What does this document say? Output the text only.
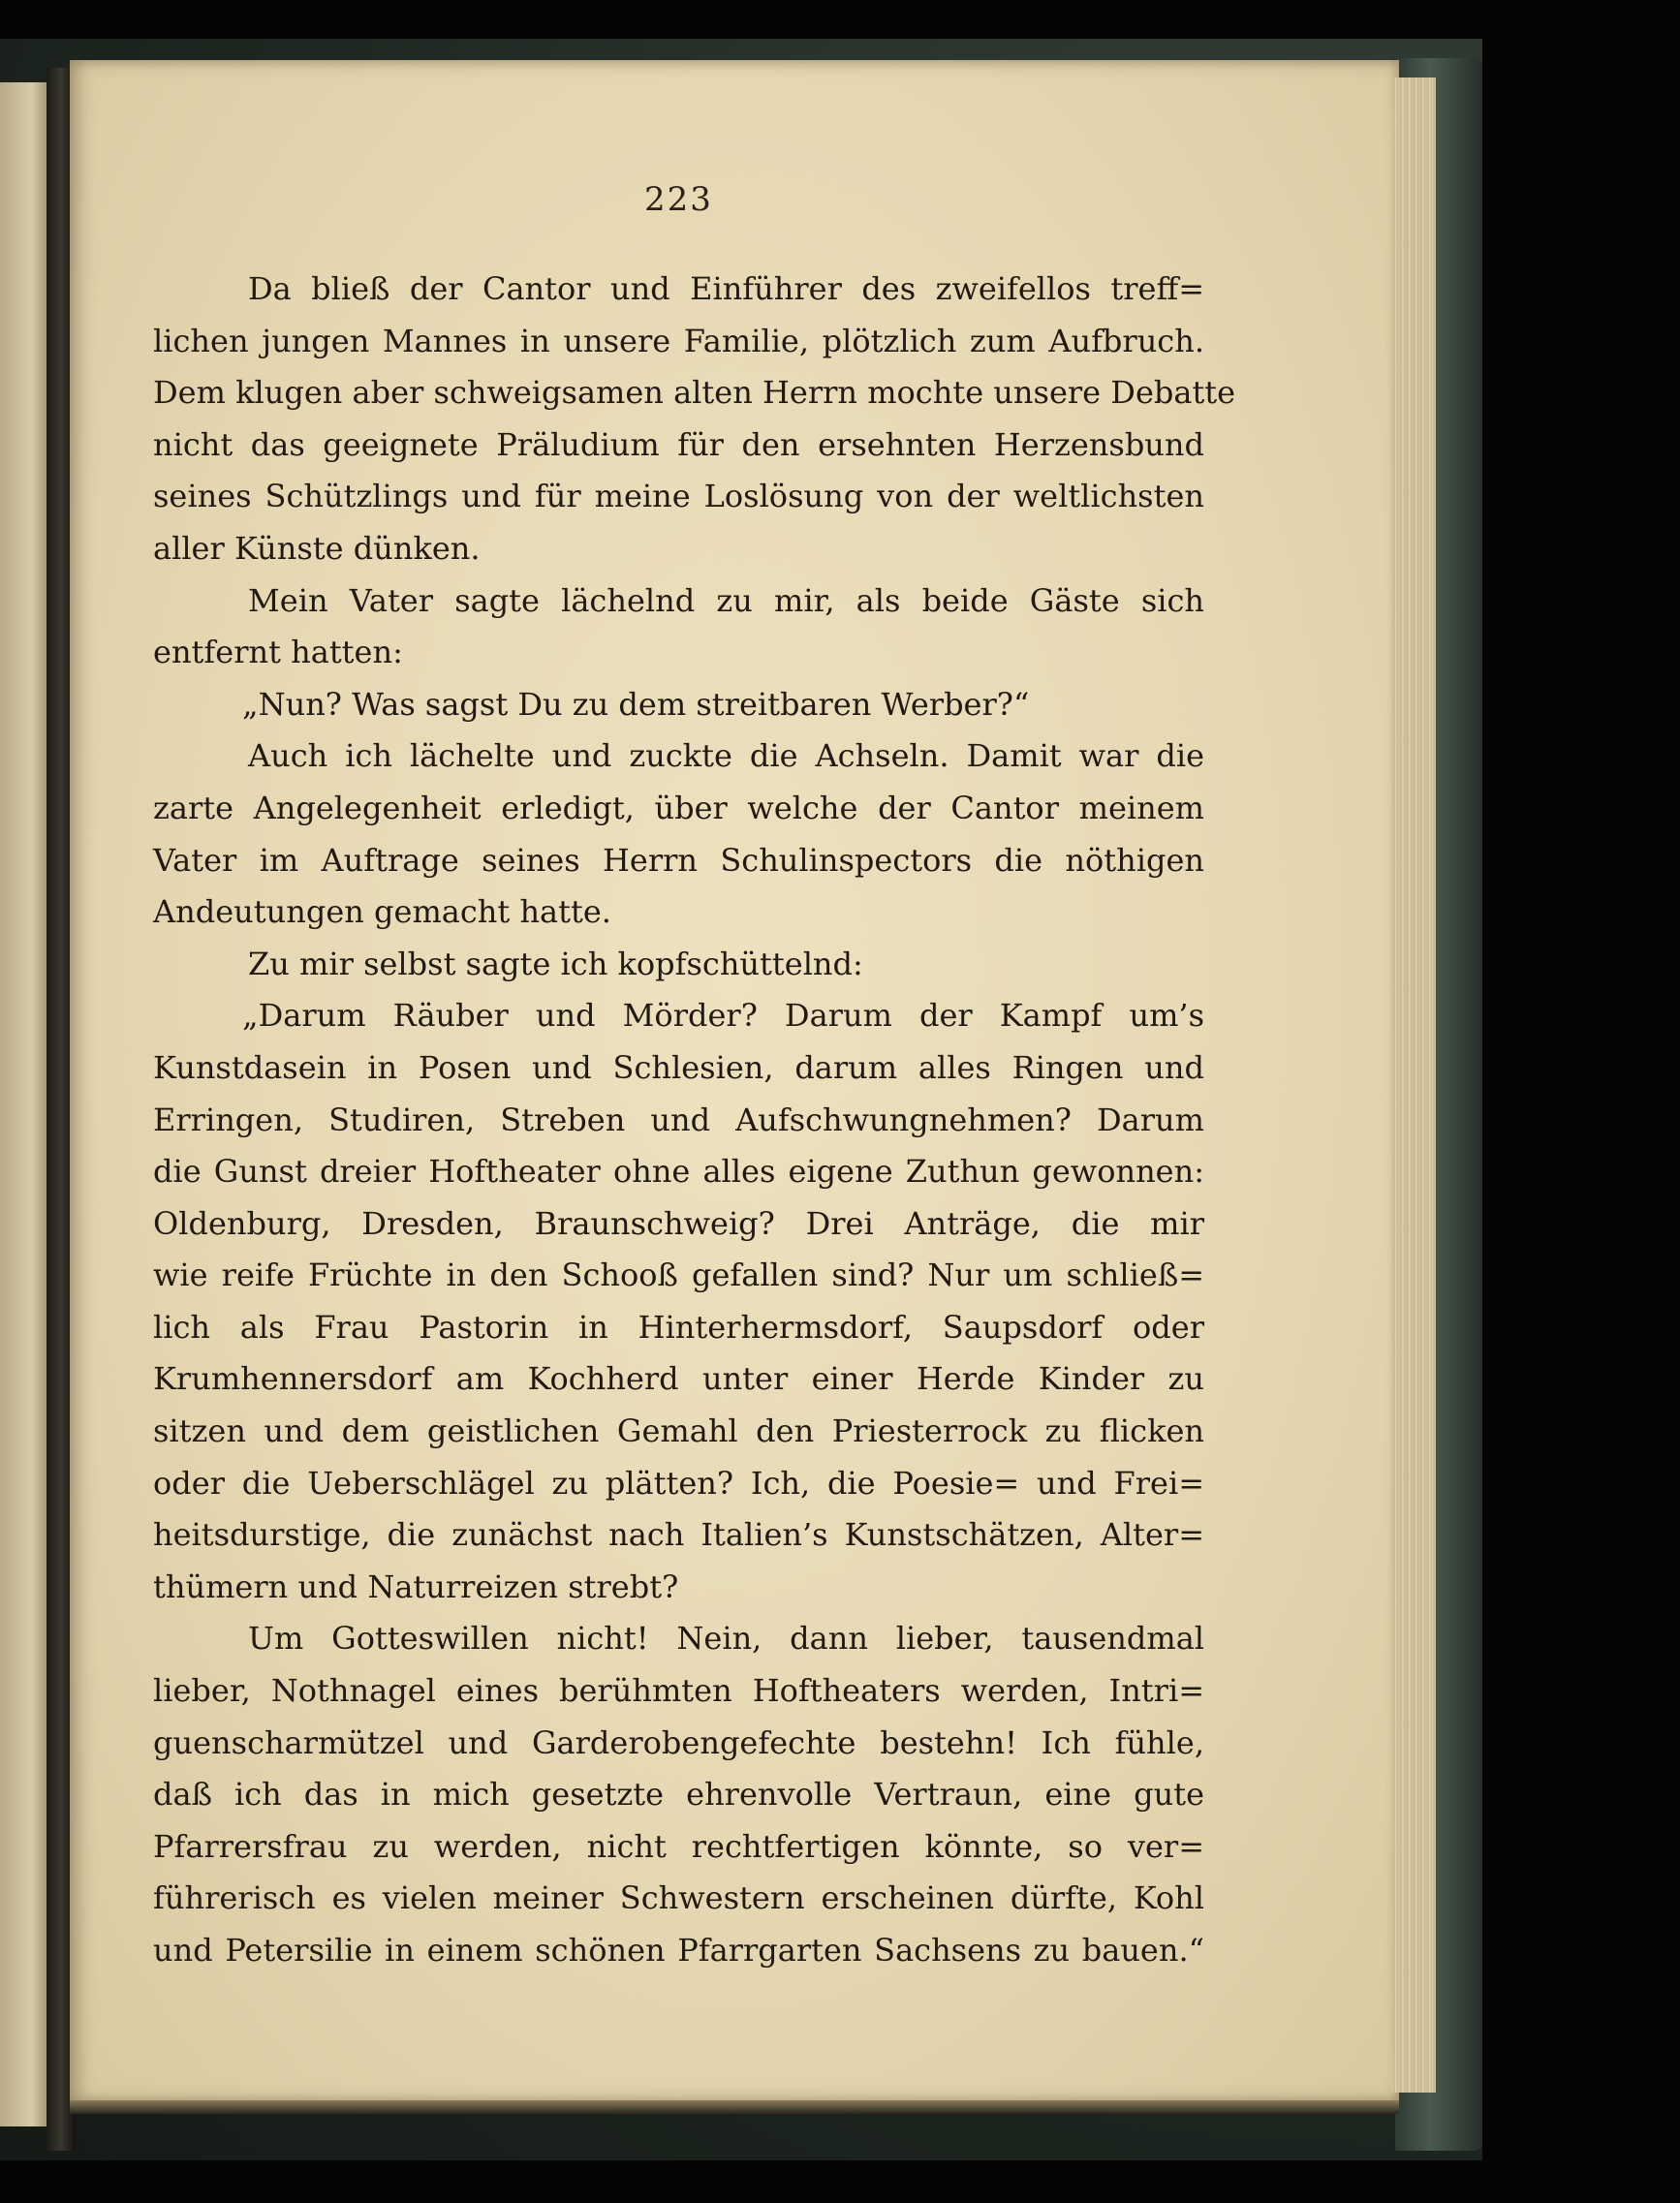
223
Da bließ der Cantor und Einführer des zweifellos treff=
lichen jungen Mannes in unsere Familie, plötzlich zum Aufbruch.
Dem klugen aber schweigsamen alten Herrn mochte unsere Debatte
nicht das geeignete Präludium für den ersehnten Herzensbund
seines Schützlings und für meine Loslösung von der weltlichsten
aller Künste dünken.
Mein Vater sagte lächelnd zu mir, als beide Gäste sich
entfernt hatten:
„Nun? Was sagst Du zu dem streitbaren Werber?“
Auch ich lächelte und zuckte die Achseln. Damit war die
zarte Angelegenheit erledigt, über welche der Cantor meinem
Vater im Auftrage seines Herrn Schulinspectors die nöthigen
Andeutungen gemacht hatte.
Zu mir selbst sagte ich kopfschüttelnd:
„Darum Räuber und Mörder? Darum der Kampf um’s
Kunstdasein in Posen und Schlesien, darum alles Ringen und
Erringen, Studiren, Streben und Aufschwungnehmen? Darum
die Gunst dreier Hoftheater ohne alles eigene Zuthun gewonnen:
Oldenburg, Dresden, Braunschweig? Drei Anträge, die mir
wie reife Früchte in den Schooß gefallen sind? Nur um schließ=
lich als Frau Pastorin in Hinterhermsdorf, Saupsdorf oder
Krumhennersdorf am Kochherd unter einer Herde Kinder zu
sitzen und dem geistlichen Gemahl den Priesterrock zu flicken
oder die Ueberschlägel zu plätten? Ich, die Poesie= und Frei=
heitsdurstige, die zunächst nach Italien’s Kunstschätzen, Alter=
thümern und Naturreizen strebt?
Um Gotteswillen nicht! Nein, dann lieber, tausendmal
lieber, Nothnagel eines berühmten Hoftheaters werden, Intri=
guenscharmützel und Garderobengefechte bestehn! Ich fühle,
daß ich das in mich gesetzte ehrenvolle Vertraun, eine gute
Pfarrersfrau zu werden, nicht rechtfertigen könnte, so ver=
führerisch es vielen meiner Schwestern erscheinen dürfte, Kohl
und Petersilie in einem schönen Pfarrgarten Sachsens zu bauen.“
